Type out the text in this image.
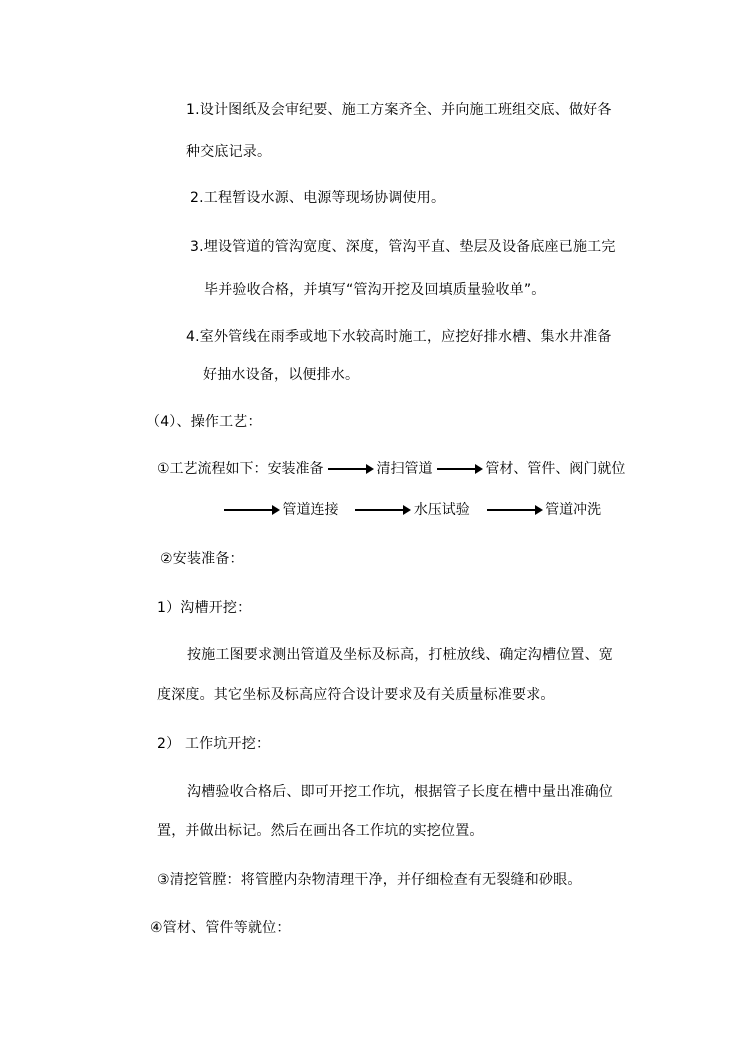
1.设计图纸及会审纪要、施工方案齐全、并向施工班组交底、做好各
种交底记录。
2.工程暂设水源、电源等现场协调使用。
3.埋设管道的管沟宽度、深度，管沟平直、垫层及设备底座已施工完
毕并验收合格，并填写“管沟开挖及回填质量验收单”。
4.室外管线在雨季或地下水较高时施工，应挖好排水槽、集水井准备
好抽水设备，以便排水。
（4）、操作工艺：
①工艺流程如下：安装准备	清扫管道	管材、管件、阀门就位
管道连接	水压试验	管道冲洗
②安装准备：
1）沟槽开挖：
按施工图要求测出管道及坐标及标高，打桩放线、确定沟槽位置、宽
度深度。其它坐标及标高应符合设计要求及有关质量标准要求。
2） 工作坑开挖：
沟槽验收合格后、即可开挖工作坑，根据管子长度在槽中量出准确位
置，并做出标记。然后在画出各工作坑的实挖位置。
③清挖管膛：将管膛内杂物清理干净，并仔细检查有无裂缝和砂眼。
④管材、管件等就位：
